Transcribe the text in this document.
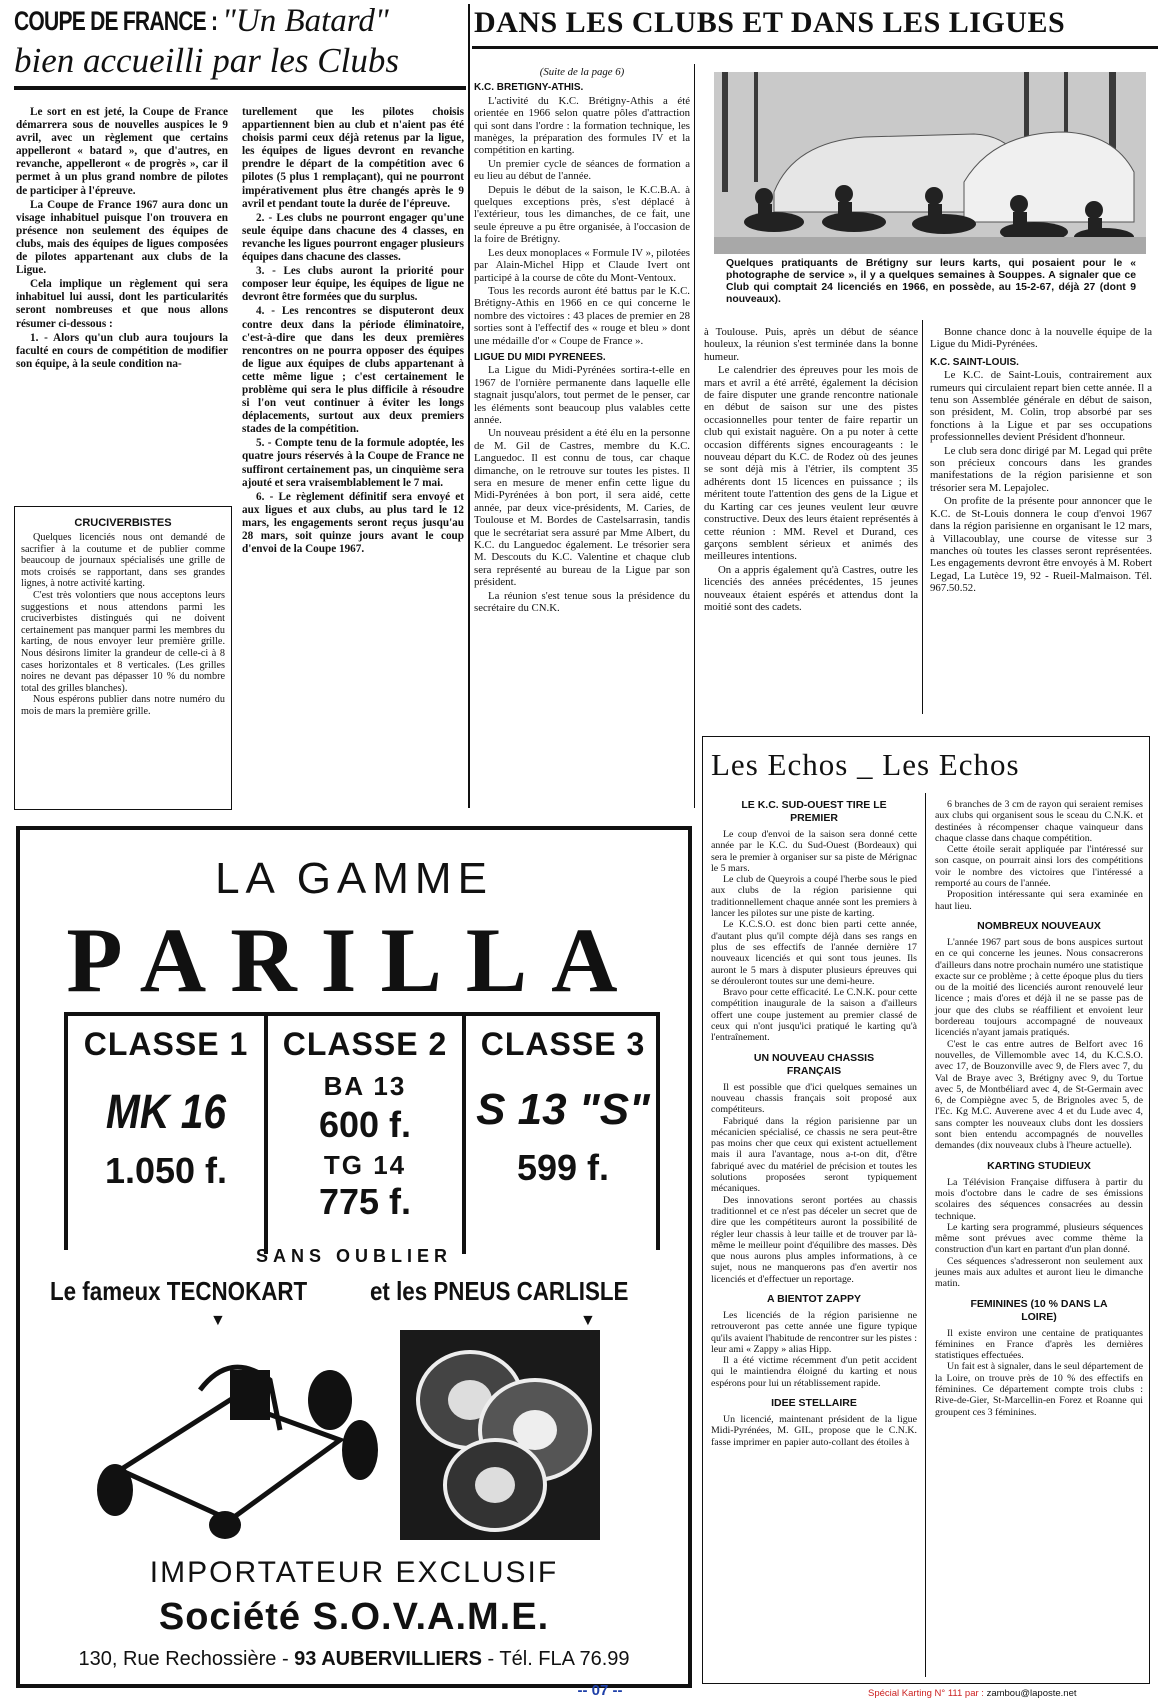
COUPE DE FRANCE : "Un Batard"
bien accueilli par les Clubs

Le sort en est jeté, la Coupe de France démarrera sous de nouvelles auspices le 9 avril, avec un règlement que certains appelleront « batard », que d'autres, en revanche, appelleront « de progrès », car il permet à un plus grand nombre de pilotes de participer à l'épreuve.

La Coupe de France 1967 aura donc un visage inhabituel puisque l'on trouvera en présence non seulement des équipes de clubs, mais des équipes de ligues composées de pilotes appartenant aux clubs de la Ligue.

Cela implique un règlement qui sera inhabituel lui aussi, dont les particularités seront nombreuses et que nous allons résumer ci-dessous :

1. - Alors qu'un club aura toujours la faculté en cours de compétition de modifier son équipe, à la seule condition na-

turellement que les pilotes choisis appartiennent bien au club et n'aient pas été choisis parmi ceux déjà retenus par la ligue, les équipes de ligues devront en revanche prendre le départ de la compétition avec 6 pilotes (5 plus 1 remplaçant), qui ne pourront impérativement plus être changés après le 9 avril et pendant toute la durée de l'épreuve.

2. - Les clubs ne pourront engager qu'une seule équipe dans chacune des 4 classes, en revanche les ligues pourront engager plusieurs équipes dans chacune des classes.

3. - Les clubs auront la priorité pour composer leur équipe, les équipes de ligue ne devront être formées que du surplus.

4. - Les rencontres se disputeront deux contre deux dans la période éliminatoire, c'est-à-dire que dans les deux premières rencontres on ne pourra opposer des équipes de ligue aux équipes de clubs appartenant à cette même ligue ; c'est certainement le problème qui sera le plus difficile à résoudre si l'on veut continuer à éviter les longs déplacements, surtout aux deux premiers stades de la compétition.

5. - Compte tenu de la formule adoptée, les quatre jours réservés à la Coupe de France ne suffiront certainement pas, un cinquième sera ajouté et sera vraisemblablement le 7 mai.

6. - Le règlement définitif sera envoyé et aux ligues et aux clubs, au plus tard le 12 mars, les engagements seront reçus jusqu'au 28 mars, soit quinze jours avant le coup d'envoi de la Coupe 1967.

CRUCIVERBISTES

Quelques licenciés nous ont demandé de sacrifier à la coutume et de publier comme beaucoup de journaux spécialisés une grille de mots croisés se rapportant, dans ses grandes lignes, à notre activité karting.

C'est très volontiers que nous acceptons leurs suggestions et nous attendons parmi les cruciverbistes distingués qui ne doivent certainement pas manquer parmi les membres du karting, de nous envoyer leur première grille. Nous désirons limiter la grandeur de celle-ci à 8 cases horizontales et 8 verticales. (Les grilles noires ne devant pas dépasser 10 % du nombre total des grilles blanches).

Nous espérons publier dans notre numéro du mois de mars la première grille.

DANS LES CLUBS ET DANS LES LIGUES
(Suite de la page 6)
K.C. BRETIGNY-ATHIS.

L'activité du K.C. Brétigny-Athis a été orientée en 1966 selon quatre pôles d'attraction qui sont dans l'ordre : la formation technique, les manèges, la préparation des formules IV et la compétition en karting.

Un premier cycle de séances de formation a eu lieu au début de l'année.

Depuis le début de la saison, le K.C.B.A. à quelques exceptions près, s'est déplacé à l'extérieur, tous les dimanches, de ce fait, une seule épreuve a pu être organisée, à l'occasion de la foire de Brétigny.

Les deux monoplaces « Formule IV », pilotées par Alain-Michel Hipp et Claude Ivert ont participé à la course de côte du Mont-Ventoux.

Tous les records auront été battus par le K.C. Brétigny-Athis en 1966 en ce qui concerne le nombre des victoires : 43 places de premier en 28 sorties sont à l'effectif des « rouge et bleu » dont une médaille d'or « Coupe de France ».

LIGUE DU MIDI PYRENEES.

La Ligue du Midi-Pyrénées sortira-t-elle en 1967 de l'ornière permanente dans laquelle elle stagnait jusqu'alors, tout permet de le penser, car les éléments sont beaucoup plus valables cette année.

Un nouveau président a été élu en la personne de M. Gil de Castres, membre du K.C. Languedoc. Il est connu de tous, car chaque dimanche, on le retrouve sur toutes les pistes. Il sera en mesure de mener enfin cette ligue du Midi-Pyrénées à bon port, il sera aidé, cette année, par deux vice-présidents, M. Caries, de Toulouse et M. Bordes de Castelsarrasin, tandis que le secrétariat sera assuré par Mme Albert, du K.C. du Languedoc également. Le trésorier sera M. Descouts du K.C. Valentine et chaque club sera représenté au bureau de la Ligue par son président.

La réunion s'est tenue sous la présidence du secrétaire du CN.K.

Quelques pratiquants de Brétigny sur leurs karts, qui posaient pour le « photographe de service », il y a quelques semaines à Souppes. A signaler que ce Club qui comptait 24 licenciés en 1966, en possède, au 15-2-67, déjà 27 (dont 9 nouveaux).

à Toulouse. Puis, après un début de séance houleux, la réunion s'est terminée dans la bonne humeur.

Le calendrier des épreuves pour les mois de mars et avril a été arrêté, également la décision de faire disputer une grande rencontre nationale en début de saison sur une des pistes occasionnelles pour tenter de faire repartir un club qui existait naguère. On a pu noter à cette occasion différents signes encourageants : le nouveau départ du K.C. de Rodez où des jeunes se sont déjà mis à l'étrier, ils comptent 35 adhérents dont 15 licences en puissance ; ils méritent toute l'attention des gens de la Ligue et du Karting car ces jeunes veulent leur œuvre constructive. Deux des leurs étaient représentés à cette réunion : MM. Revel et Durand, ces garçons semblent sérieux et animés des meilleures intentions.

On a appris également qu'à Castres, outre les licenciés des années précédentes, 15 jeunes nouveaux étaient espérés et attendus dont la moitié sont des cadets.

Bonne chance donc à la nouvelle équipe de la Ligue du Midi-Pyrénées.

K.C. SAINT-LOUIS.

Le K.C. de Saint-Louis, contrairement aux rumeurs qui circulaient repart bien cette année. Il a tenu son Assemblée générale en début de saison, son président, M. Colin, trop absorbé par ses fonctions à la Ligue et par ses occupations professionnelles devient Président d'honneur.

Le club sera donc dirigé par M. Legad qui prête son précieux concours dans les grandes manifestations de la région parisienne et son trésorier sera M. Lepajolec.

On profite de la présente pour annoncer que le K.C. de St-Louis donnera le coup d'envoi 1967 dans la région parisienne en organisant le 12 mars, à Villacoublay, une course de vitesse sur 3 manches où toutes les classes seront représentées. Les engagements devront être envoyés à M. Robert Legad, La Lutèce 19, 92 - Rueil-Malmaison. Tél. 967.50.52.

LA GAMME
PARILLA
CLASSE 1
MK 16
1.050 f.
CLASSE 2
BA 13
600 f.
TG 14
775 f.
CLASSE 3
S 13 "S"
599 f.
SANS OUBLIER
Le fameux TECNOKART et les PNEUS CARLISLE
▼	▼
IMPORTATEUR EXCLUSIF
Société S.O.V.A.M.E.
130, Rue Rechossière - 93 AUBERVILLIERS - Tél. FLA 76.99
Les Echos _ Les Echos
LE K.C. SUD-OUEST TIRE LE PREMIER

Le coup d'envoi de la saison sera donné cette année par le K.C. du Sud-Ouest (Bordeaux) qui sera le premier à organiser sur sa piste de Mérignac le 5 mars.

Le club de Queyrois a coupé l'herbe sous le pied aux clubs de la région parisienne qui traditionnellement chaque année sont les premiers à lancer les pilotes sur une piste de karting.

Le K.C.S.O. est donc bien parti cette année, d'autant plus qu'il compte déjà dans ses rangs en plus de ses effectifs de l'année dernière 17 nouveaux licenciés et qui sont tous jeunes. Ils auront le 5 mars à disputer plusieurs épreuves qui se dérouleront toutes sur une demi-heure.

Bravo pour cette efficacité. Le C.N.K. pour cette compétition inaugurale de la saison a d'ailleurs offert une coupe justement au premier classé de ceux qui n'ont jusqu'ici pratiqué le karting qu'à l'entraînement.

UN NOUVEAU CHASSIS FRANÇAIS

Il est possible que d'ici quelques semaines un nouveau chassis français soit proposé aux compétiteurs.

Fabriqué dans la région parisienne par un mécanicien spécialisé, ce chassis ne sera peut-être pas moins cher que ceux qui existent actuellement mais il aura l'avantage, nous a-t-on dit, d'être fabriqué avec du matériel de précision et toutes les solutions proposées seront typiquement mécaniques.

Des innovations seront portées au chassis traditionnel et ce n'est pas déceler un secret que de dire que les compétiteurs auront la possibilité de régler leur chassis à leur taille et de trouver par là-même le meilleur point d'équilibre des masses. Dès que nous aurons plus amples informations, à ce sujet, nous ne manquerons pas d'en avertir nos licenciés et d'effectuer un reportage.

A BIENTOT ZAPPY

Les licenciés de la région parisienne ne retrouveront pas cette année une figure typique qu'ils avaient l'habitude de rencontrer sur les pistes : leur ami « Zappy » alias Hipp.

Il a été victime récemment d'un petit accident qui le maintiendra éloigné du karting et nous espérons pour lui un rétablissement rapide.

IDEE STELLAIRE

Un licencié, maintenant président de la ligue Midi-Pyrénées, M. GIL, propose que le C.N.K. fasse imprimer en papier auto-collant des étoiles à

6 branches de 3 cm de rayon qui seraient remises aux clubs qui organisent sous le sceau du C.N.K. et destinées à récompenser chaque vainqueur dans chaque classe dans chaque compétition.

Cette étoile serait appliquée par l'intéressé sur son casque, on pourrait ainsi lors des compétitions voir le nombre des victoires que l'intéressé a remporté au cours de l'année.

Proposition intéressante qui sera examinée en haut lieu.

NOMBREUX NOUVEAUX

L'année 1967 part sous de bons auspices surtout en ce qui concerne les jeunes. Nous consacrerons d'ailleurs dans notre prochain numéro une statistique exacte sur ce problème ; à cette époque plus du tiers ou de la moitié des licenciés auront renouvelé leur licence ; mais d'ores et déjà il ne se passe pas de jour que des clubs se réaffilient et envoient leur bordereau toujours accompagné de nouveaux licenciés n'ayant jamais pratiqués.

C'est le cas entre autres de Belfort avec 16 nouvelles, de Villemomble avec 14, du K.C.S.O. avec 17, de Bouzonville avec 9, de Flers avec 7, du Val de Braye avec 3, Brétigny avec 9, du Tortue avec 5, de Montbéliard avec 4, de St-Germain avec 6, de Compiègne avec 5, de Brignoles avec 5, de l'Ec. Kg M.C. Auverene avec 4 et du Lude avec 4, sans compter les nouveaux clubs dont les dossiers sont bien entendu accompagnés de nouvelles demandes (dix nouveaux clubs à l'heure actuelle).

KARTING STUDIEUX

La Télévision Française diffusera à partir du mois d'octobre dans le cadre de ses émissions scolaires des séquences consacrées au dessin technique.

Le karting sera programmé, plusieurs séquences même sont prévues avec comme thème la construction d'un kart en partant d'un plan donné.

Ces séquences s'adresseront non seulement aux jeunes mais aux adultes et auront lieu le dimanche matin.

FEMININES (10 % DANS LA LOIRE)

Il existe environ une centaine de pratiquantes féminines en France d'après les dernières statistiques effectuées.

Un fait est à signaler, dans le seul département de la Loire, on trouve près de 10 % des effectifs en féminines. Ce département compte trois clubs : Rive-de-Gier, St-Marcellin-en Forez et Roanne qui groupent ces 3 féminines.

-- 07 --	Spécial Karting N° 111 par : zambou@laposte.net
